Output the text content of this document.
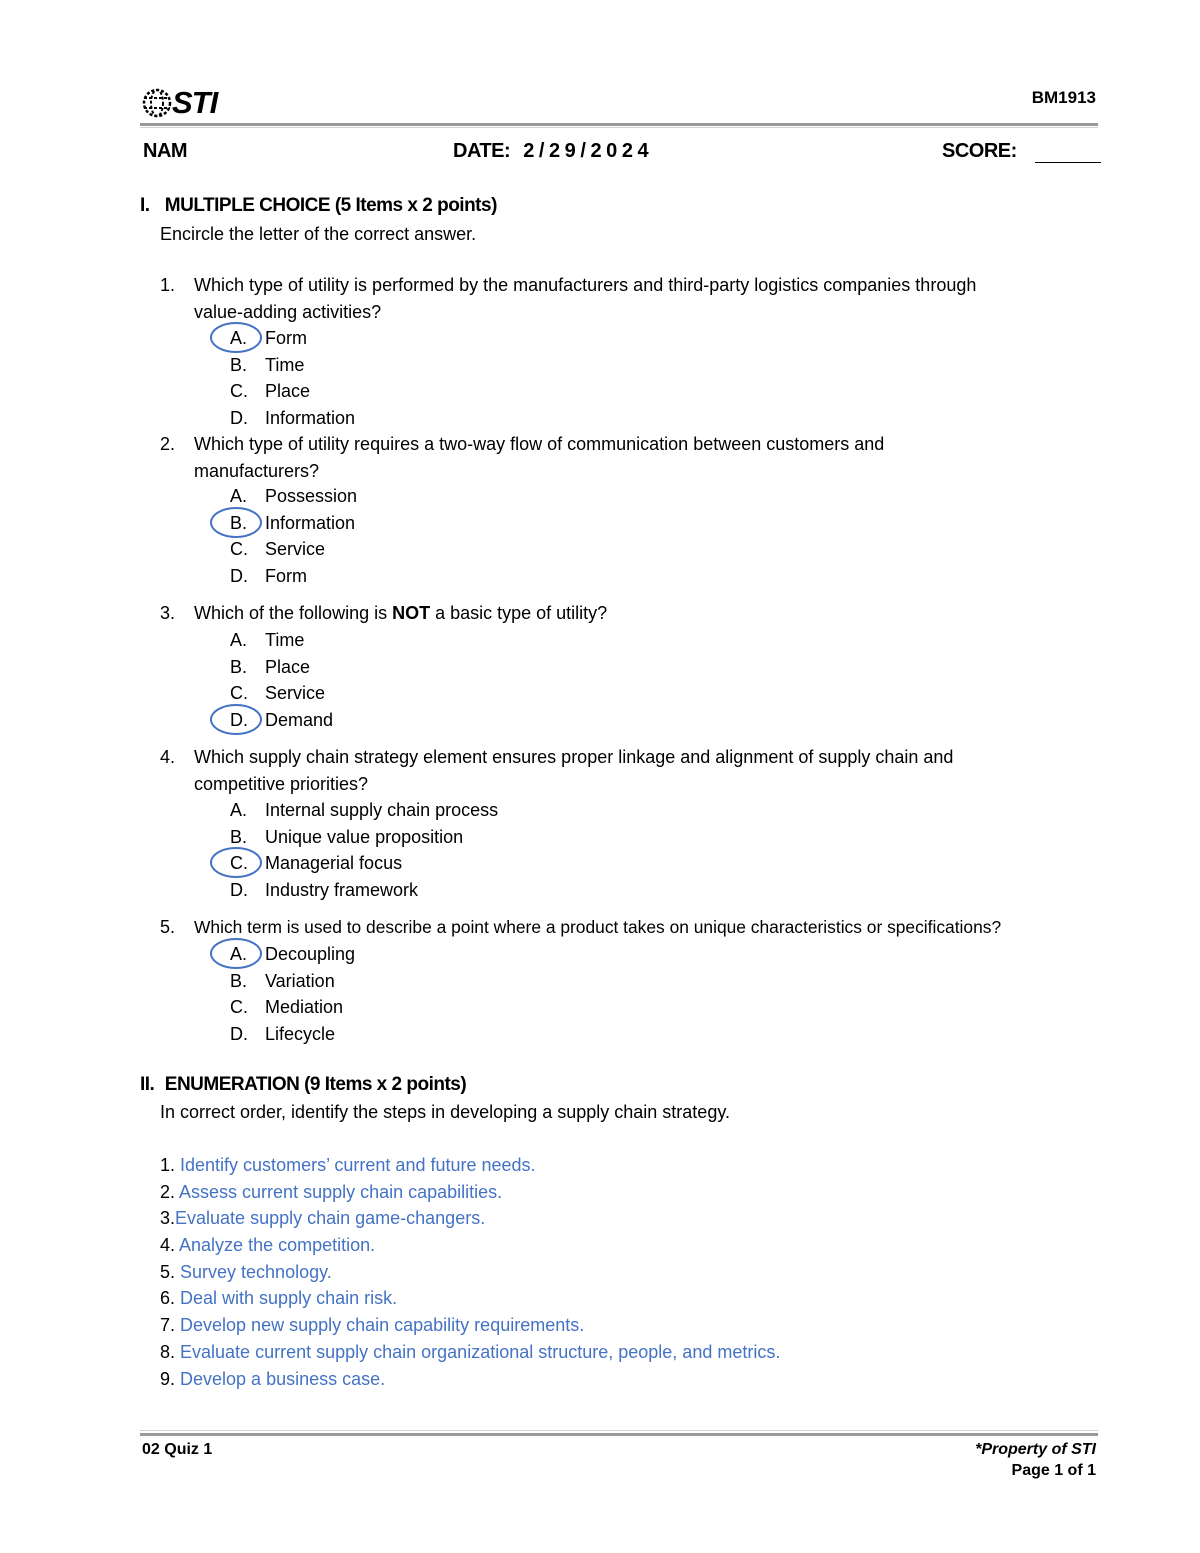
STI	BM1913
NAM	DATE: 2 / 2 9 / 2 0 2 4	SCORE:
I. MULTIPLE CHOICE (5 Items x 2 points)
Encircle the letter of the correct answer.
1. Which type of utility is performed by the manufacturers and third-party logistics companies through
value-adding activities?
A. Form
B. Time
C. Place
D. Information
2. Which type of utility requires a two-way flow of communication between customers and
manufacturers?
A. Possession
B. Information
C. Service
D. Form
3. Which of the following is NOT a basic type of utility?
A. Time
B. Place
C. Service
D. Demand
4. Which supply chain strategy element ensures proper linkage and alignment of supply chain and
competitive priorities?
A. Internal supply chain process
B. Unique value proposition
C. Managerial focus
D. Industry framework
5. Which term is used to describe a point where a product takes on unique characteristics or specifications?
A. Decoupling
B. Variation
C. Mediation
D. Lifecycle
II. ENUMERATION (9 Items x 2 points)
In correct order, identify the steps in developing a supply chain strategy.
1. Identify customers’ current and future needs.
2. Assess current supply chain capabilities.
3.Evaluate supply chain game-changers.
4. Analyze the competition.
5. Survey technology.
6. Deal with supply chain risk.
7. Develop new supply chain capability requirements.
8. Evaluate current supply chain organizational structure, people, and metrics.
9. Develop a business case.
02 Quiz 1	*Property of STI
Page 1 of 1
